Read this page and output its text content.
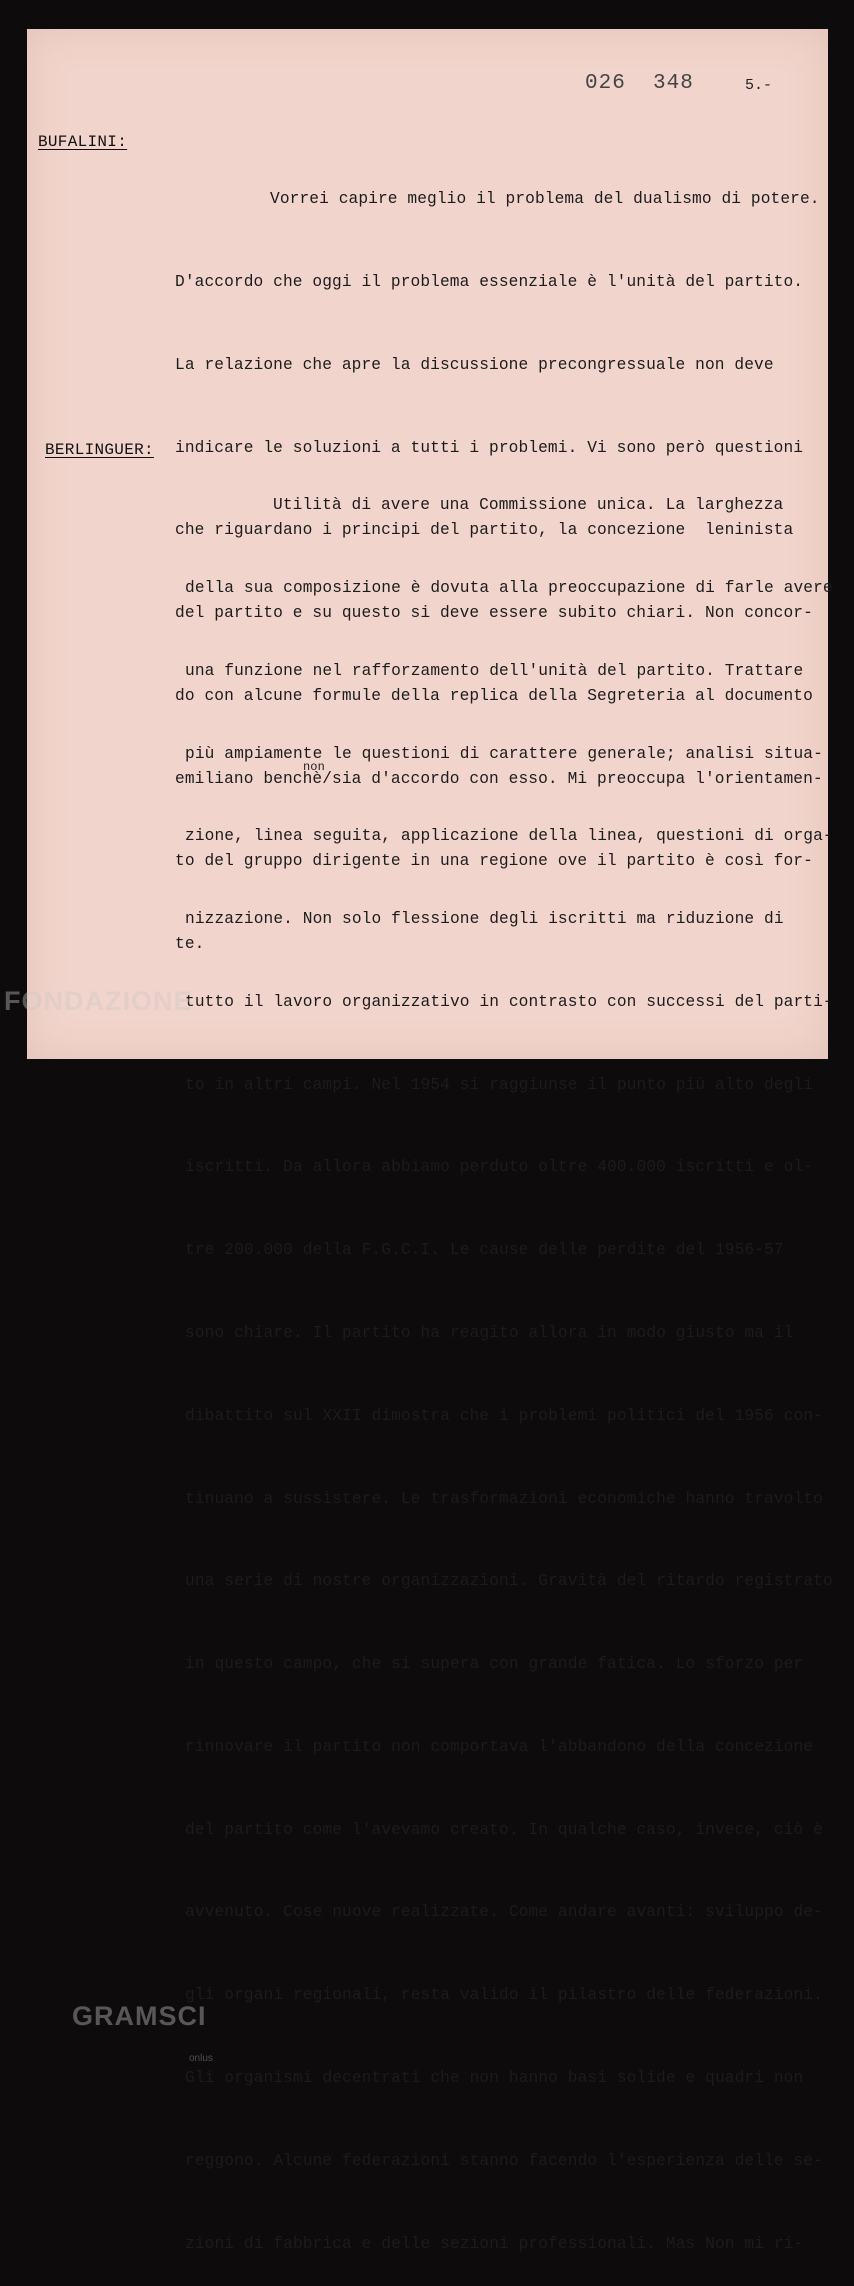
026  348	5.-
BUFALINI:

Vorrei capire meglio il problema del dualismo di potere.

D'accordo che oggi il problema essenziale è l'unità del partito.

La relazione che apre la discussione precongressuale non deve

indicare le soluzioni a tutti i problemi. Vi sono però questioni

che riguardano i principi del partito, la concezione  leninista

del partito e su questo si deve essere subito chiari. Non concor-

do con alcune formule della replica della Segreteria al documento

emiliano benchè/sia d'accordo con esso. Mi preoccupa l'orientamen-
non

to del gruppo dirigente in una regione ove il partito è così for-

te.

BERLINGUER:

Utilità di avere una Commissione unica. La larghezza

della sua composizione è dovuta alla preoccupazione di farle avere

una funzione nel rafforzamento dell'unità del partito. Trattare

più ampiamente le questioni di carattere generale; analisi situa-

zione, linea seguita, applicazione della linea, questioni di orga-

nizzazione. Non solo flessione degli iscritti ma riduzione di

tutto il lavoro organizzativo in contrasto con successi del parti-

to in altri campi. Nel 1954 si raggiunse il punto più alto degli

iscritti. Da allora abbiamo perduto oltre 400.000 iscritti e ol-

tre 200.000 della F.G.C.I. Le cause delle perdite del 1956-57

sono chiare. Il partito ha reagito allora in modo giusto ma il

dibattito sul XXII dimostra che i problemi politici del 1956 con-

tinuano a sussistere. Le trasformazioni economiche hanno travolto

una serie di nostre organizzazioni. Gravità del ritardo registrato

in questo campo, che si supera con grande fatica. Lo sforzo per

rinnovare il partito non comportava l'abbandono della concezione

del partito come l'avevamo creato. In qualche caso, invece, ciò è

avvenuto. Cose nuove realizzate. Come andare avanti: sviluppo de-

gli organi regionali, resta valido il pilastro delle federazioni.

Gli organismi decentrati che non hanno basi solide e quadri non

reggono. Alcune federazioni stanno facendo l'esperienza delle se-

zioni di fabbrica e delle sezioni professionali. Mas Non mi ri-

FONDAZIONE
GRAMSCI
onlus
